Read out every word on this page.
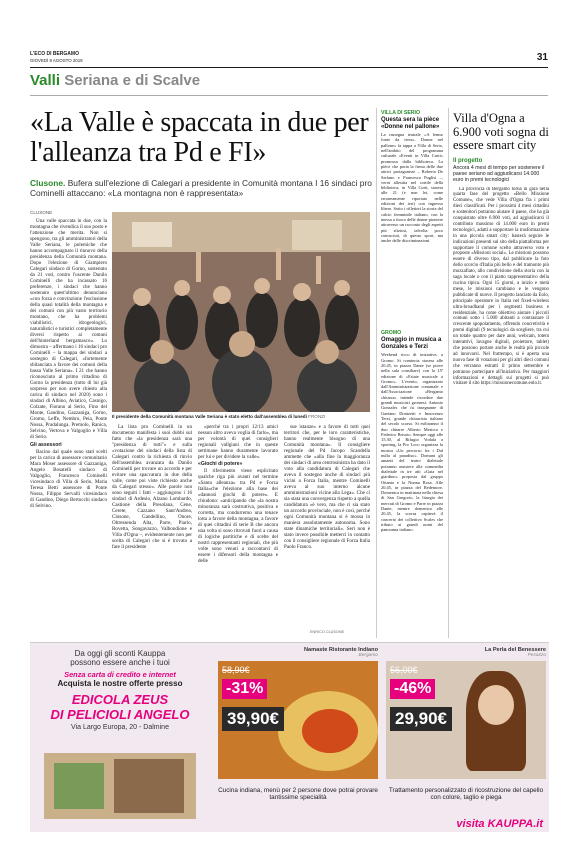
L'ECO DI BERGAMO
GIOVEDÌ 8 AGOSTO 2019	31
Valli Seriana e di Scalve
«La Valle è spaccata in due per l'alleanza tra Pd e FI»
Clusone. Bufera sull'elezione di Calegari a presidente in Comunità montana I 16 sindaci pro Cominelli attaccano: «La montagna non è rappresentata»
CLUSONE

Una valle spaccata in due, con la montagna che rivendica il suo posto e l'attenzione che merita. Non si spengono, tra gli amministratori della Valle Seriana, le polemiche che hanno accompagnato il rinnovo della presidenza della Comunità montana. Dopo l'elezione di Giampiero Calegari sindaco di Gorno, sostenuto da 21 voti, contro l'uscente Danilo Cominelli che ha incassato 16 preferenze, i sindaci che hanno sostenuto quest'ultimo denunciano «con forza e convinzione l'esclusione della quasi totalità della montagna e dei comuni con più vasto territorio montano, che ha problemi viabilistici, idrogeologici, naturalistici e turistici completamente diversi rispetto ai comuni dell'hinterland bergamasco». Lo dimostra – affermano i 16 sindaci pro Cominelli – la mappa dei sindaci a sostegno di Calegari, «fortemente sbilanciata a favore dei comuni della bassa Valle Seriana». I 21 che hanno riconosciuto al primo cittadino di Gorno la presidenza (tutto di lui già sorpreso per non avere chiesto alla carica di sindaco nel 2020) sono i sindaci di Albino, Aviatico, Casnigo, Colzate, Fiorano al Serio, Fino del Monte, Gandino, Gazzaniga, Gorno, Gromo, Leffe, Nembro, Peia, Ponte Nossa, Pradalunga, Premolo, Ranica, Selvino, Vertova e Valgoglio e Villa di Serio.

Gli assessori

Bacino dal quale sono stati scelti per la carica di assessore comunitario Mara Moser assessore di Gazzaniga, Angelo Bosatelli sindaco di Valgoglio, Francesco Cominelli vicesindaco di Villa di Serio, Maria Teresa Betti assessore di Ponte Nossa, Filippo Servalli vicesindaco di Gandino, Diego Bertocchi sindaco di Selvino.

Il presidente della Comunità montana Valle Seriana è stato eletto dall'assemblea di lunedì FRONZI

La lista pro Cominelli in un documento manifesta i suoi dubbi sul fatto che «la presidenza sarà una "presidenza di tutti"» e sulla «votazione dei sindaci della lista di Calegari contro la richiesta di rinvio dell'assemblea avanzata da Danilo Cominelli per trovare un accordo e per evitare una spaccatura in due della valle, come poi viste richiesto anche da Calegari stesso». Alle parole non sono seguiti i fatti – aggiungono i 16 sindaci di Ardesio, Alzano Lombardo, Castione della Presolana, Cene, Cerete, Cazzano Sant'Andrea, Clusone, Gandellino, Onore, Oltressenda Alta, Parre, Piario, Rovetta, Songavazzo, Valbondione e Villa d'Ogna –, evidentemente non per scelta di Calegari che si è trovato a fare il presidente

«perché tra i propri 12/13 amici nessun altro aveva voglia di farlo», ma per volontà di quei consiglieri regionali vallgiani che in queste settimane hanno duramente lavorato per lui e per dividere la valle».

«Giochi di potere»

Il riferimento viene esplicitato qualche riga più avanti nel termine «Santa alleanza» tra Pd e Forza Italia«che l'elezione alla base dei «dannosi giochi di potere». E chiudono: «anticipando che «la nostra minoranza sarà costruttiva, positiva e corretta, ma condurremo una tenace lotta a favore della montagna, a favore di quei cittadini di serie B che ancora una volta si sono ritrovati fuori a causa di logiche partitiche e di scelte del nostri rappresentanti regionali, che più volte sono venuti a raccontarci di essere i difensori della montagna e delle

sue istanze» e a favore di tutti quei territori che, per le loro caratteristiche, hanno realmente bisogno di una Comunità montana». Il consigliere regionale del Pd Jacopo Scandella ammette che «alla fine la maggioranza dei sindaci di area centrosinistra ha dato il voto alla candidatura di Calegari che aveva il sostegno anche di sindaci più vicini a Forza Italia, mentre Cominelli aveva al suo interno alcune amministrazioni vicine alla Lega». Che ci sia stata una convergenza rispetto a quella candidatura «è vero, ma che ci sia stato un accordo provinciale, non è così, perché ogni Comunità montana si è mossa in maniera assolutamente autonoma. Sono state dinamiche territoriali». Seri non è stato invece possibile metterci in contatto con il consigliere regionale di Forza Italia Paolo Franco.

ENRICO CLUSONE
VILLA DI SERIO
Questa sera la pièce «Donne nel pallone»
La rassegna teatrale «A lemur fonte da terra». Donne nel pallone» fa tappa a Villa di Serio, nell'ambito del programma culturale «Eventi in Villa Curti» promosso dalla biblioteca. La pièce che porta la firma delle due attrici protagoniste – Roberta De Stefano e Francesca Puglisi –, verrà allestita nel cortile della biblioteca, in Villa Curti, stasera alle 21 (e non lei, come erroneamente riportato nelle edizioni dei ieri) con ingresso libero. Sotto i riflettori la storia del calcio femminile italiano, con la messa a fuoco delle donne pioniere attraverso un racconto degli aspetti più sfiziosi, talvolta poco conosciuti, di questo sport, ma anche delle discriminazioni.
GROMO
Omaggio in musica a Gonzales e Terzi
Weekend ricco di iniziative, a Gromo. Si comincia stasera alle 20.45, in piazza Dante (se piove nella sala consiliare) con la 15ª edizione di «Estate musicale a Gromo». L'evento, organizzato dall'Amministrazione comunale e dall'Associazione «Bergamo chitarra» intende ricordare due grandi musicisti gromesi: Antonio Gonzales che fu insegnante di Gaetano Donizetti e Innocenzo Terzi, grande chitarrista italiano del secolo scorso. Si esibiranno il duo chitarre Alberto Mesirca e Federico Brisoto. Sempre oggi alle 15.30, al Rifugio Vodala a sporting, la Pro Loco organizza la mostra «Un percorso fra i Dal nulla al paradiso». Domani gli amanti del teatro dialettale potranno assistere alla commedia dialettale in tre atti «Gaia nel giardino» proposta dal gruppo Ottanta e la Nonna Rosa. Alle 20.45, in piazza del Redentore. Domenica in mattinata nella chiesa di San Gregorio, la liturgia dei mercati di Gromo e Parre in piazza Dante, mentre domenica alle 20.45, la scorsa ospiterà il concerto dei collettivo Scales che tributo ai grandi nomi del panorama italiano.
Villa d'Ogna a 6.900 voti sogna di essere smart city
Il progetto
Ancora 4 mesi di tempo per sostenere il paese seriano ad aggiudicarsi 14.000 euro in premi tecnologici
La provincia di Bergamo torna in gara nella quarta fase del progetto «Bello Missione Comune», che vede Villa d'Ogna fra i primi dieci classificati. Per i prossimi 4 mesi cittadini e sostenitori potranno aiutare il paese, che ha già conquistato oltre 6.900 voti, ad aggiudicarsi il contributo massimo di 14.000 euro in premi tecnologici, adatti a supportare la trasformazione in una piccola smart city: basterà seguire le indicazioni presenti sul sito della piattaforma per supportare il comune scelto attraverso voto e proposte «Missioni social». Le missioni possono essere di diverso tipo, dal pubblicare la foto dello scorcio d'Italia più bello e del tramonto più mozzafiato, allo condivisione della storia con la saga locale o con il piatto rappresentativo della cucina tipica. Ogni 15 giorni, a inizio e metà mese, le missioni cambiano e le vengono pubblicate di nuove. Il progetto lanciato da Eolo, principale operatore in Italia nel fixed-wireless ultra-broadband per i segmenti business e residenziale, ha come obiettivo aiutare i piccoli comuni sotto i 5.000 abitanti a contrastare il crescente spopolamento, offrendo concretività e premi digitali (9 tecnologici da scegliere, tra cui un totale quattro per dare anni, webcam, totem interattivi, lavagne digitali, proiettore, tablet) che possono portare anche le realtà più piccole ad innovarsi. Nel frattempo, si è aperta una nuova fase di votazioni per gli altri dieci comuni che verranno estratti il primo settembre e potranno partecipare all'iniziativa. Per maggiori informazioni e dettagli sui progetti si può visitare il sito https://missionecomune.eolo.it.
Da oggi gli sconti Kauppa
possono essere anche i tuoi
Senza carta di credito e internet
Acquista le nostre offerte presso
EDICOLA ZEUS
DI PELICIOLI ANGELO
Via Largo Europa, 20 - Dalmine
Namaste Ristorante Indiano
Bergamo
58,90€
-31%
39,90€
Cucina indiana, menù per 2 persone dove potrai provare tantissime specialità
La Perla del Benessere
Pesazzo
56,00€
-46%
29,90€
Trattamento personalizzato di ricostruzione del capello con colore, taglio e piega
visita KAUPPA.it
